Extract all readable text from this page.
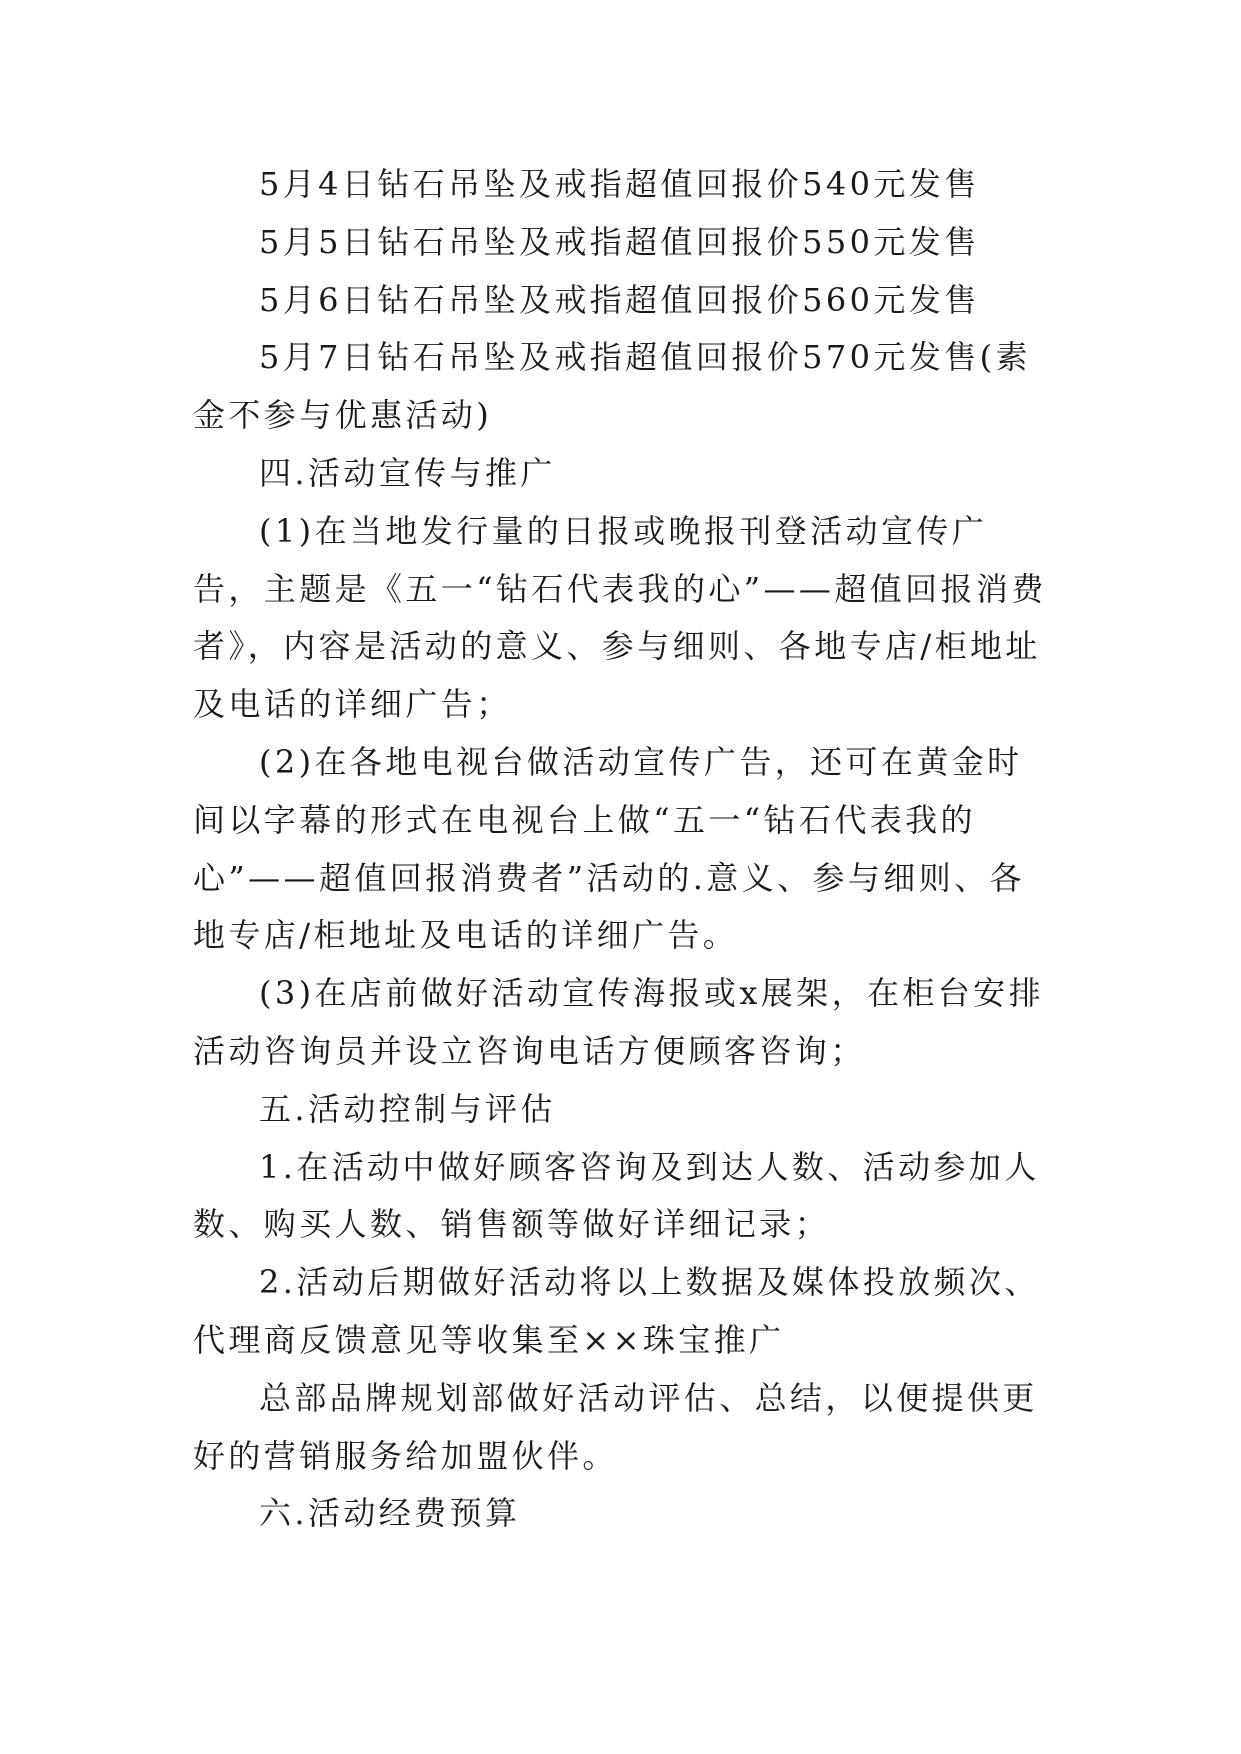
5月4日钻石吊坠及戒指超值回报价540元发售

5月5日钻石吊坠及戒指超值回报价550元发售

5月6日钻石吊坠及戒指超值回报价560元发售

5月7日钻石吊坠及戒指超值回报价570元发售(素金不参与优惠活动)

四.活动宣传与推广

(1)在当地发行量的日报或晚报刊登活动宣传广告，主题是《五一“钻石代表我的心”——超值回报消费者》，内容是活动的意义、参与细则、各地专店/柜地址及电话的详细广告；

(2)在各地电视台做活动宣传广告，还可在黄金时间以字幕的形式在电视台上做“五一“钻石代表我的心”——超值回报消费者”活动的.意义、参与细则、各地专店/柜地址及电话的详细广告。

(3)在店前做好活动宣传海报或x展架，在柜台安排活动咨询员并设立咨询电话方便顾客咨询；

五.活动控制与评估

1.在活动中做好顾客咨询及到达人数、活动参加人数、购买人数、销售额等做好详细记录；

2.活动后期做好活动将以上数据及媒体投放频次、代理商反馈意见等收集至××珠宝推广

总部品牌规划部做好活动评估、总结，以便提供更好的营销服务给加盟伙伴。

六.活动经费预算
